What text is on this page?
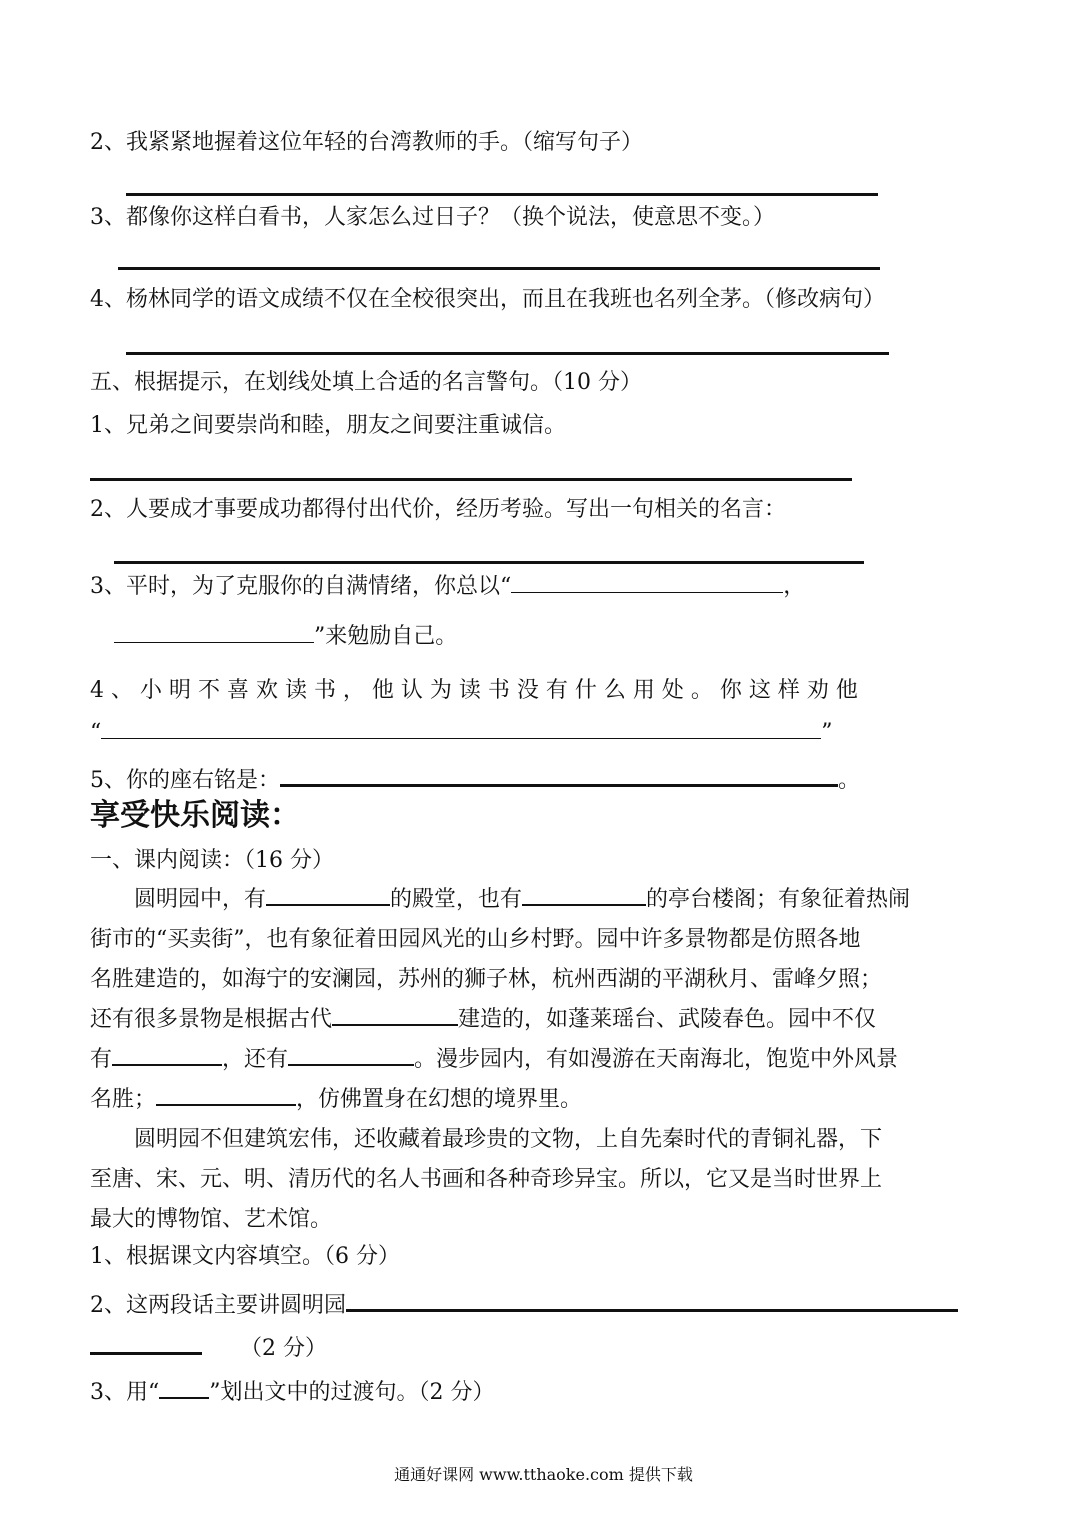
2、我紧紧地握着这位年轻的台湾教师的手。（缩写句子）
3、都像你这样白看书，人家怎么过日子？（换个说法，使意思不变。）
4、杨林同学的语文成绩不仅在全校很突出，而且在我班也名列全茅。（修改病句）
五、根据提示，在划线处填上合适的名言警句。（10 分）
1、兄弟之间要崇尚和睦，朋友之间要注重诚信。
2、人要成才事要成功都得付出代价，经历考验。写出一句相关的名言：
3、平时，为了克服你的自满情绪，你总以“	，
”来勉励自己。
4 、 小 明 不 喜 欢 读 书 ， 他 认 为 读 书 没 有 什 么 用 处 。 你 这 样 劝 他
“	”
5、你的座右铭是：	。
享受快乐阅读：
一、课内阅读：（16 分）
圆明园中，有	的殿堂，也有	的亭台楼阁；有象征着热闹
街市的“买卖街”，也有象征着田园风光的山乡村野。园中许多景物都是仿照各地
名胜建造的，如海宁的安澜园，苏州的狮子林，杭州西湖的平湖秋月、雷峰夕照；
还有很多景物是根据古代	建造的，如蓬莱瑶台、武陵春色。园中不仅
有	，还有	。漫步园内，有如漫游在天南海北，饱览中外风景
名胜；	，仿佛置身在幻想的境界里。
圆明园不但建筑宏伟，还收藏着最珍贵的文物，上自先秦时代的青铜礼器，下
至唐、宋、元、明、清历代的名人书画和各种奇珍异宝。所以，它又是当时世界上
最大的博物馆、艺术馆。
1、根据课文内容填空。（6 分）
2、这两段话主要讲圆明园
（2 分）
3、用“ ”划出文中的过渡句。（2 分）
通通好课网 www.tthaoke.com 提供下载
